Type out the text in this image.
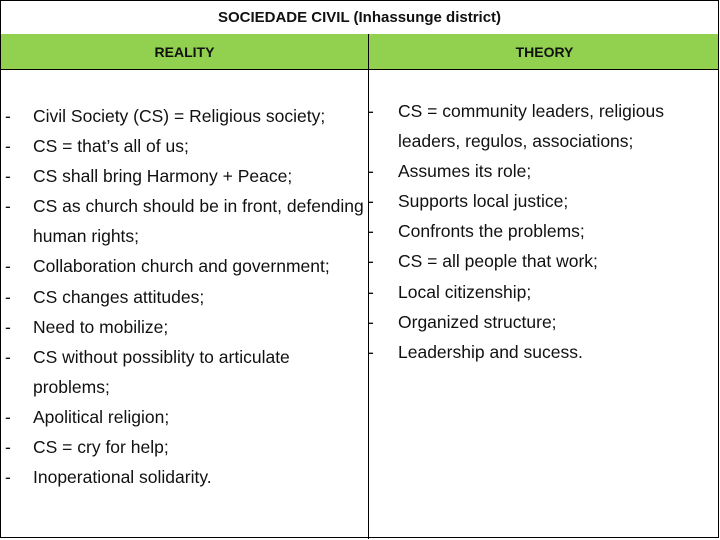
SOCIEDADE CIVIL (Inhassunge district)
REALITY	THEORY
- Civil Society (CS) = Religious society;
- CS = that’s all of us;
- CS shall bring Harmony + Peace;
- CS as church should be in front, defending human rights;
- Collaboration church and government;
- CS changes attitudes;
- Need to mobilize;
- CS without possiblity to articulate problems;
- Apolitical religion;
- CS = cry for help;
- Inoperational solidarity.
- CS = community leaders, religious leaders, regulos, associations;
- Assumes its role;
- Supports local justice;
- Confronts the problems;
- CS = all people that work;
- Local citizenship;
- Organized structure;
- Leadership and sucess.
